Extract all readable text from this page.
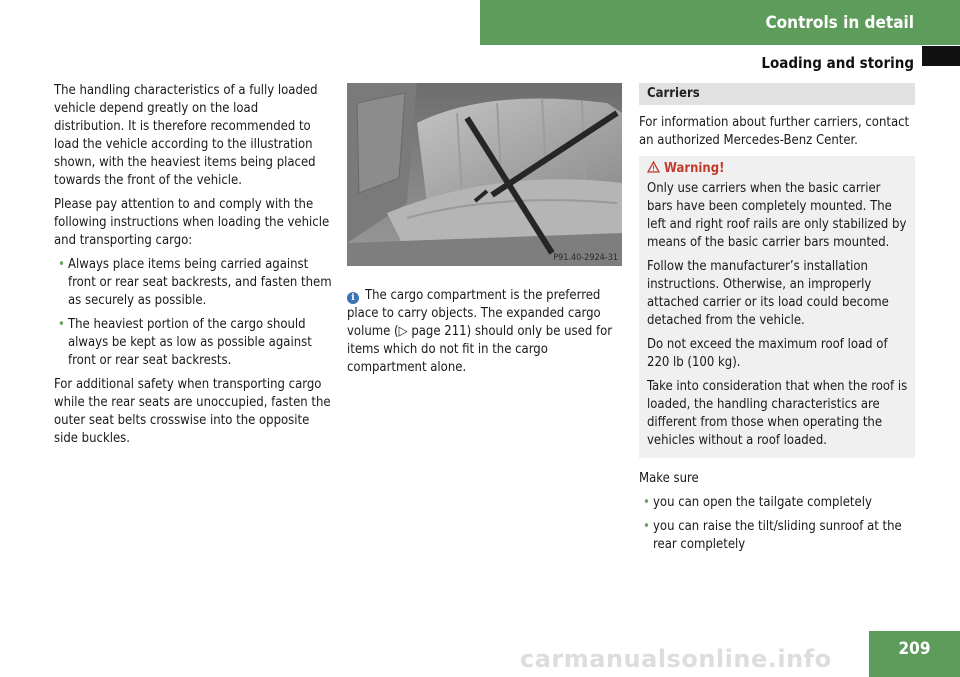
Controls in detail
Loading and storing

The handling characteristics of a fully loaded vehicle depend greatly on the load distribution. It is therefore recommended to load the vehicle according to the illustration shown, with the heaviest items being placed towards the front of the vehicle.

Please pay attention to and comply with the following instructions when loading the vehicle and transporting cargo:

• Always place items being carried against front or rear seat backrests, and fasten them as securely as possible.
• The heaviest portion of the cargo should always be kept as low as possible against front or rear seat backrests.

For additional safety when transporting cargo while the rear seats are unoccupied, fasten the outer seat belts crosswise into the opposite side buckles.

P91.40-2924-31

i The cargo compartment is the preferred place to carry objects. The expanded cargo volume (▷ page 211) should only be used for items which do not fit in the cargo compartment alone.

Carriers

For information about further carriers, contact an authorized Mercedes-Benz Center.

Warning!

Only use carriers when the basic carrier bars have been completely mounted. The left and right roof rails are only stabilized by means of the basic carrier bars mounted.

Follow the manufacturer’s installation instructions. Otherwise, an improperly attached carrier or its load could become detached from the vehicle.

Do not exceed the maximum roof load of 220 lb (100 kg).

Take into consideration that when the roof is loaded, the handling characteristics are different from those when operating the vehicles without a roof loaded.

Make sure

• you can open the tailgate completely
• you can raise the tilt/sliding sunroof at the rear completely
carmanualsonline.info	209
